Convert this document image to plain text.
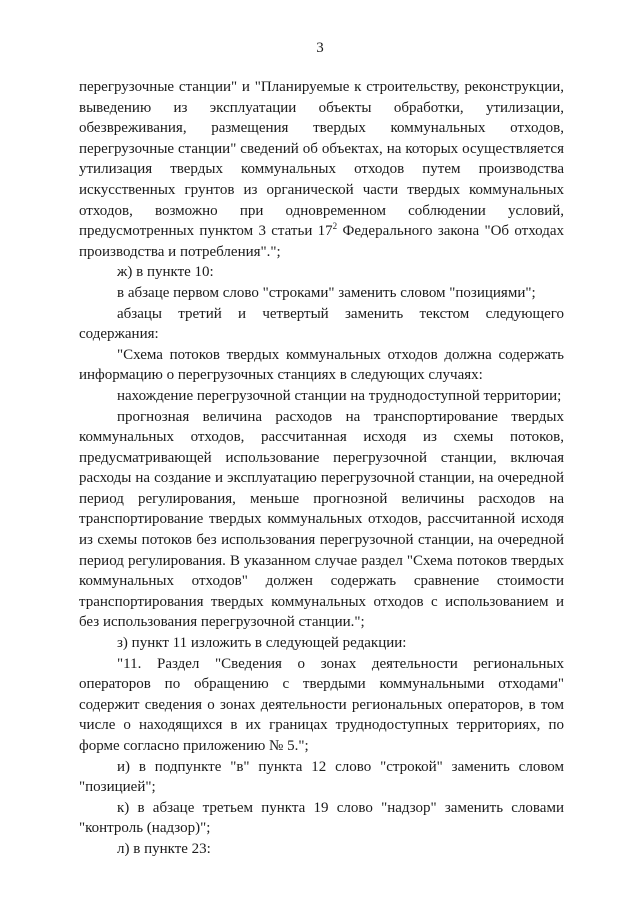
3

перегрузочные станции" и "Планируемые к строительству, реконструкции, выведению из эксплуатации объекты обработки, утилизации, обезвреживания, размещения твердых коммунальных отходов, перегрузочные станции" сведений об объектах, на которых осуществляется утилизация твердых коммунальных отходов путем производства искусственных грунтов из органической части твердых коммунальных отходов, возможно при одновременном соблюдении условий, предусмотренных пунктом 3 статьи $17^2$ Федерального закона "Об отходах производства и потребления".";

ж) в пункте 10:

в абзаце первом слово "строками" заменить словом "позициями";

абзацы третий и четвертый заменить текстом следующего содержания:

"Схема потоков твердых коммунальных отходов должна содержать информацию о перегрузочных станциях в следующих случаях:

нахождение перегрузочной станции на труднодоступной территории;

прогнозная величина расходов на транспортирование твердых коммунальных отходов, рассчитанная исходя из схемы потоков, предусматривающей использование перегрузочной станции, включая расходы на создание и эксплуатацию перегрузочной станции, на очередной период регулирования, меньше прогнозной величины расходов на транспортирование твердых коммунальных отходов, рассчитанной исходя из схемы потоков без использования перегрузочной станции, на очередной период регулирования. В указанном случае раздел "Схема потоков твердых коммунальных отходов" должен содержать сравнение стоимости транспортирования твердых коммунальных отходов с использованием и без использования перегрузочной станции.";

з) пункт 11 изложить в следующей редакции:

"11. Раздел "Сведения о зонах деятельности региональных операторов по обращению с твердыми коммунальными отходами" содержит сведения о зонах деятельности региональных операторов, в том числе о находящихся в их границах труднодоступных территориях, по форме согласно приложению № 5.";

и) в подпункте "в" пункта 12 слово "строкой" заменить словом "позицией";

к) в абзаце третьем пункта 19 слово "надзор" заменить словами "контроль (надзор)";

л) в пункте 23:
